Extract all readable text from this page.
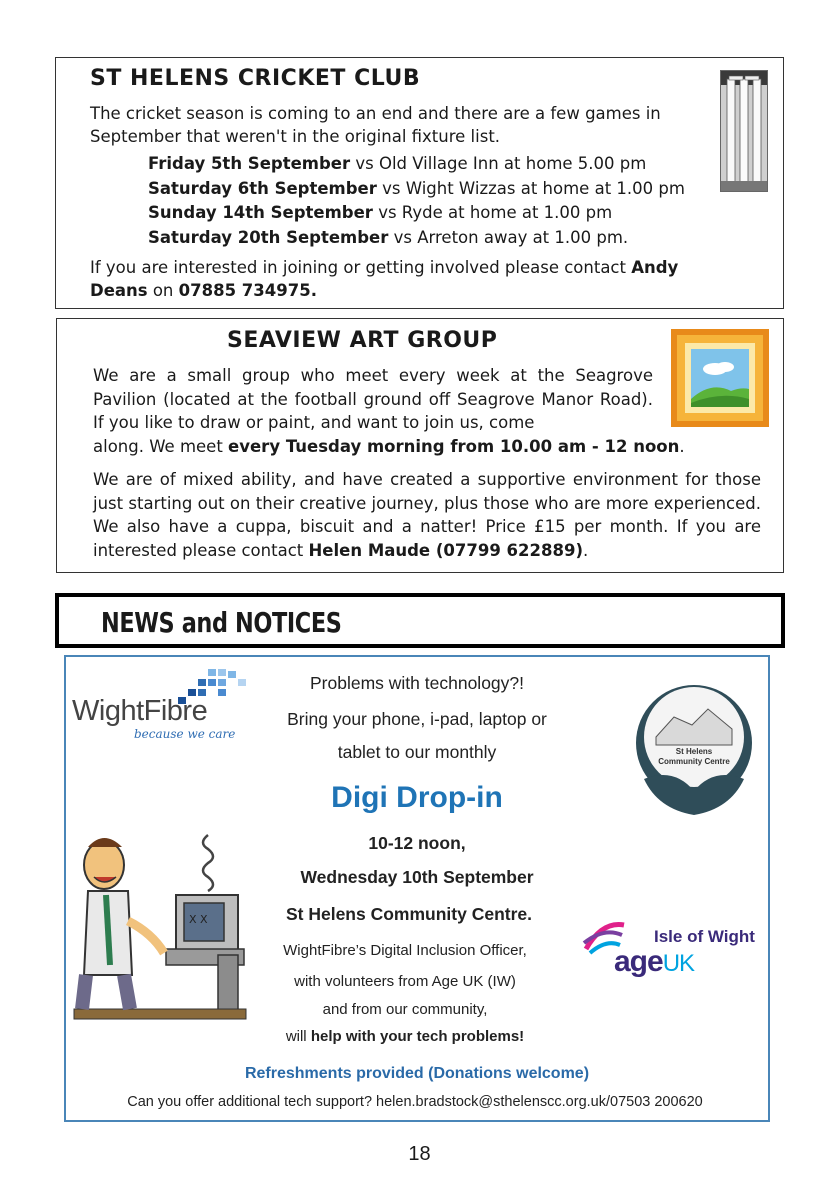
ST HELENS CRICKET CLUB
The cricket season is coming to an end and there are a few games in September that weren't in the original fixture list.
Friday 5th September vs Old Village Inn at home 5.00 pm
Saturday 6th September vs Wight Wizzas at home at 1.00 pm
Sunday 14th September vs Ryde at home at 1.00 pm
Saturday 20th September vs Arreton away at 1.00 pm.
If you are interested in joining or getting involved please contact Andy Deans on 07885 734975.
SEAVIEW ART GROUP
We are a small group who meet every week at the Seagrove Pavilion (located at the football ground off Seagrove Manor Road). If you like to draw or paint, and want to join us, come
along. We meet every Tuesday morning from 10.00 am - 12 noon.
We are of mixed ability, and have created a supportive environment for those just starting out on their creative journey, plus those who are more experienced. We also have a cuppa, biscuit and a natter! Price £15 per month. If you are interested please contact Helen Maude (07799 622889).
NEWS and NOTICES
WightFibre
because we care
St Helens
Community Centre
Problems with technology?!
Bring your phone, i-pad, laptop or
tablet to our monthly
Digi Drop-in
10-12 noon,
Wednesday 10th September
St Helens Community Centre.
WightFibre’s Digital Inclusion Officer,
with volunteers from Age UK (IW)
and from our community,
will help with your tech problems!
Refreshments provided (Donations welcome)
Can you offer additional tech support? helen.bradstock@sthelenscc.org.uk/07503 200620
X X
Isle of Wight
ageUK
18
